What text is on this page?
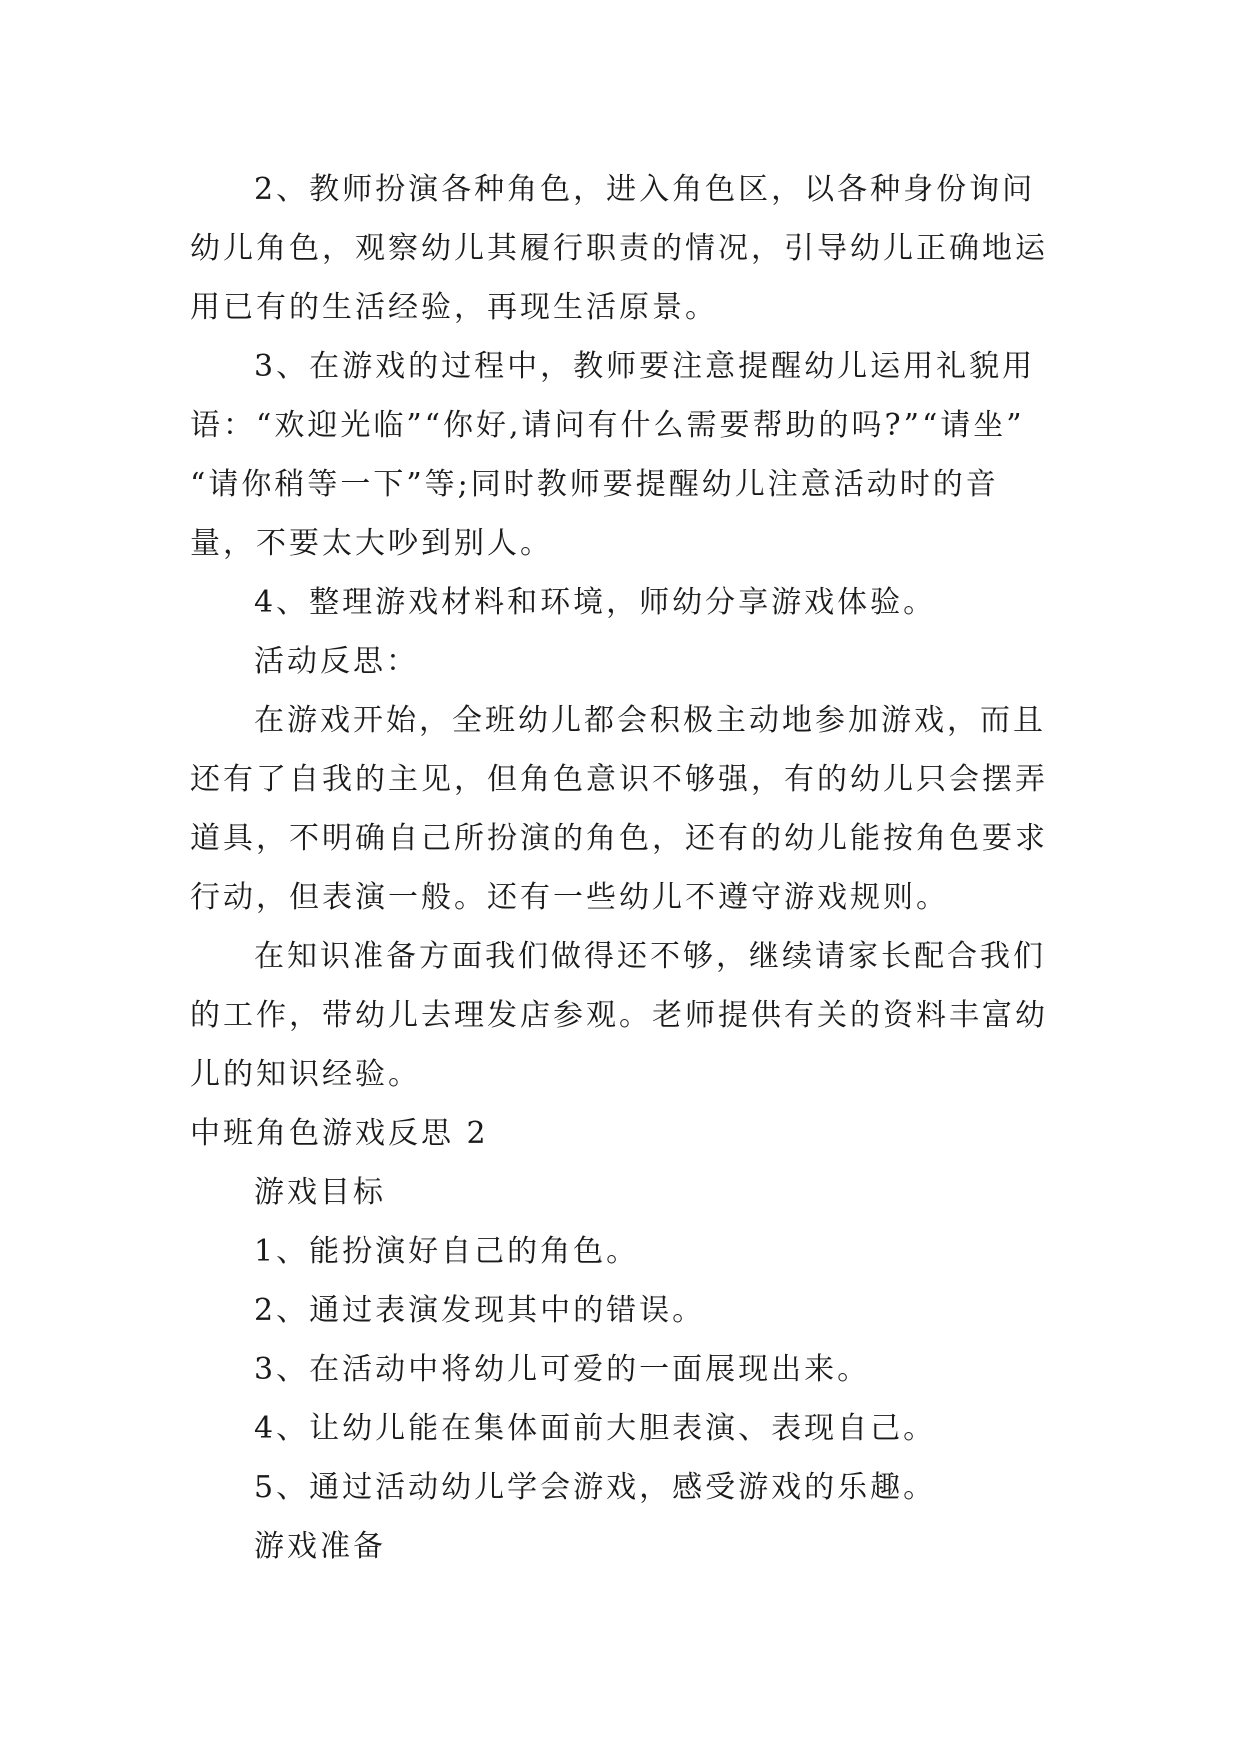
2、教师扮演各种角色，进入角色区，以各种身份询问
幼儿角色，观察幼儿其履行职责的情况，引导幼儿正确地运
用已有的生活经验，再现生活原景。

3、在游戏的过程中，教师要注意提醒幼儿运用礼貌用
语：“欢迎光临”“你好,请问有什么需要帮助的吗?”“请坐”
“请你稍等一下”等;同时教师要提醒幼儿注意活动时的音
量，不要太大吵到别人。

4、整理游戏材料和环境，师幼分享游戏体验。

活动反思：

在游戏开始，全班幼儿都会积极主动地参加游戏，而且
还有了自我的主见，但角色意识不够强，有的幼儿只会摆弄
道具，不明确自己所扮演的角色，还有的幼儿能按角色要求
行动，但表演一般。还有一些幼儿不遵守游戏规则。

在知识准备方面我们做得还不够，继续请家长配合我们
的工作，带幼儿去理发店参观。老师提供有关的资料丰富幼
儿的知识经验。

中班角色游戏反思 2

游戏目标

1、能扮演好自己的角色。

2、通过表演发现其中的错误。

3、在活动中将幼儿可爱的一面展现出来。

4、让幼儿能在集体面前大胆表演、表现自己。

5、通过活动幼儿学会游戏，感受游戏的乐趣。

游戏准备
